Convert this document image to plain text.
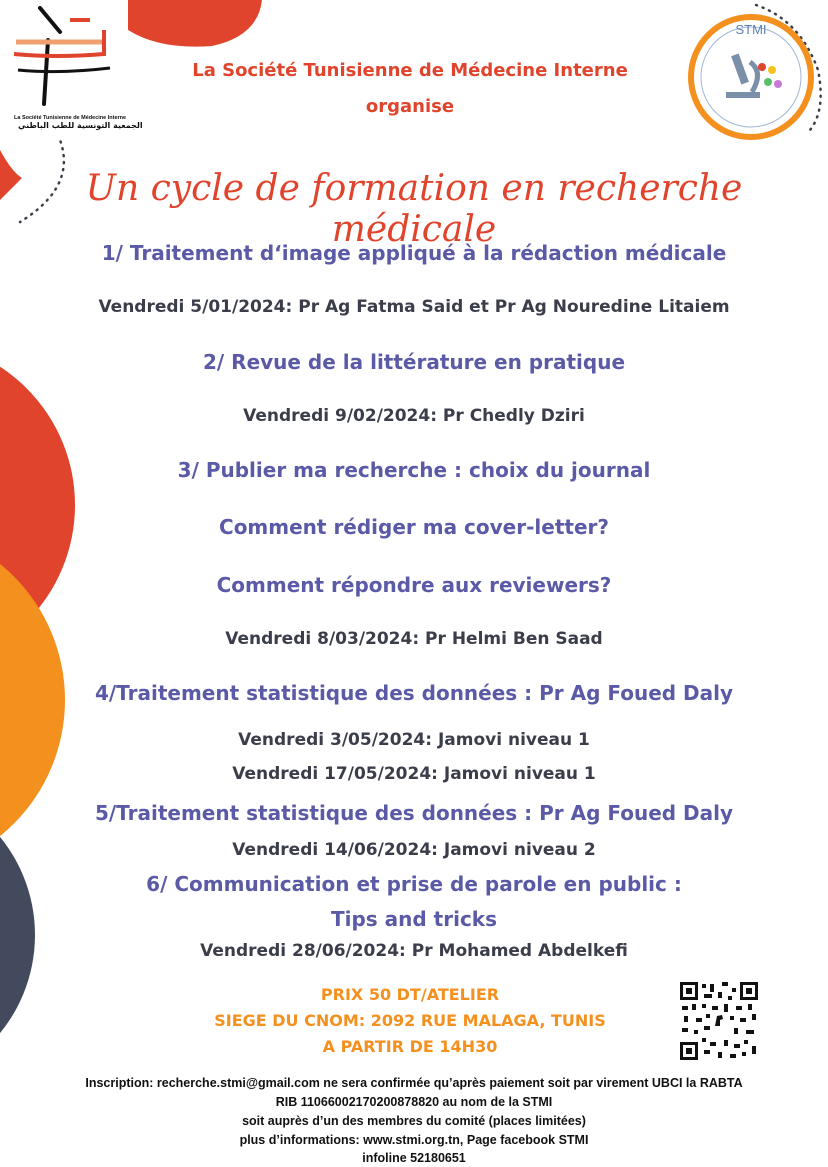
La Société Tunisienne de Médecine Interne
الجمعية التونسية للطب الباطني
STMI
La Société Tunisienne de Médecine Interne
organise
Un cycle de formation en recherche médicale
1/ Traitement d‘image appliqué à la rédaction médicale
Vendredi 5/01/2024: Pr Ag Fatma Said et Pr Ag Nouredine Litaiem
2/ Revue de la littérature en pratique
Vendredi 9/02/2024: Pr Chedly Dziri
3/ Publier ma recherche : choix du journal
Comment rédiger ma cover-letter?
Comment répondre aux reviewers?
Vendredi 8/03/2024: Pr Helmi Ben Saad
4/Traitement statistique des données : Pr Ag Foued Daly
Vendredi 3/05/2024: Jamovi niveau 1
Vendredi 17/05/2024: Jamovi niveau 1
5/Traitement statistique des données : Pr Ag Foued Daly
Vendredi 14/06/2024: Jamovi niveau 2
6/ Communication et prise de parole en public :
Tips and tricks
Vendredi 28/06/2024: Pr Mohamed Abdelkefi
PRIX 50 DT/ATELIER
SIEGE DU CNOM: 2092 RUE MALAGA, TUNIS
A PARTIR DE 14H30
Inscription: recherche.stmi@gmail.com ne sera confirmée qu’après paiement soit par virement UBCI la RABTA
RIB 11066002170200878820 au nom de la STMI
soit auprès d’un des membres du comité (places limitées)
plus d’informations: www.stmi.org.tn, Page facebook STMI
infoline 52180651
